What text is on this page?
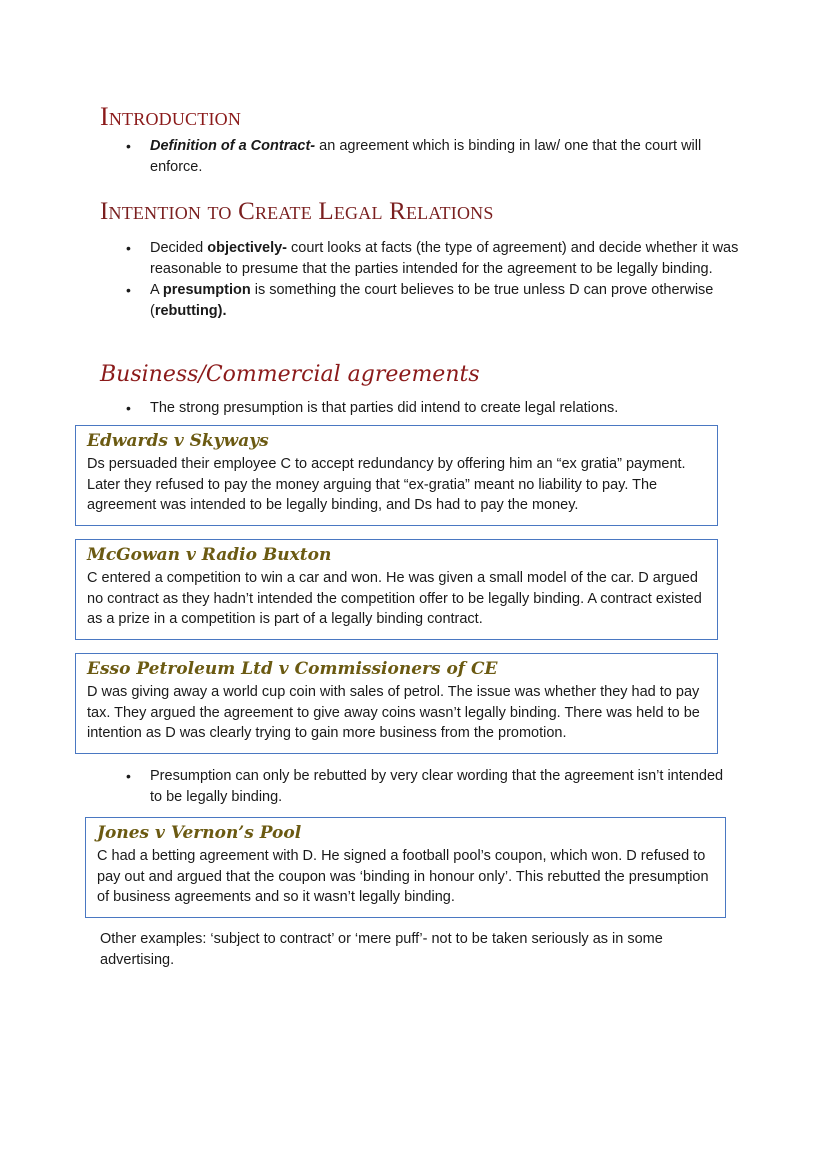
Introduction
• Definition of a Contract- an agreement which is binding in law/ one that the court will enforce.
Intention to Create Legal Relations
• Decided objectively- court looks at facts (the type of agreement) and decide whether it was reasonable to presume that the parties intended for the agreement to be legally binding.
• A presumption is something the court believes to be true unless D can prove otherwise (rebutting).
Business/Commercial agreements
• The strong presumption is that parties did intend to create legal relations.

Edwards v Skyways

Ds persuaded their employee C to accept redundancy by offering him an “ex gratia” payment. Later they refused to pay the money arguing that “ex-gratia” meant no liability to pay. The agreement was intended to be legally binding, and Ds had to pay the money.

McGowan v Radio Buxton

C entered a competition to win a car and won. He was given a small model of the car. D argued no contract as they hadn’t intended the competition offer to be legally binding. A contract existed as a prize in a competition is part of a legally binding contract.

Esso Petroleum Ltd v Commissioners of CE

D was giving away a world cup coin with sales of petrol. The issue was whether they had to pay tax. They argued the agreement to give away coins wasn’t legally binding. There was held to be intention as D was clearly trying to gain more business from the promotion.

• Presumption can only be rebutted by very clear wording that the agreement isn’t intended to be legally binding.

Jones v Vernon’s Pool

C had a betting agreement with D. He signed a football pool’s coupon, which won. D refused to pay out and argued that the coupon was ‘binding in honour only’. This rebutted the presumption of business agreements and so it wasn’t legally binding.

Other examples: ‘subject to contract’ or ‘mere puff’- not to be taken seriously as in some advertising.
